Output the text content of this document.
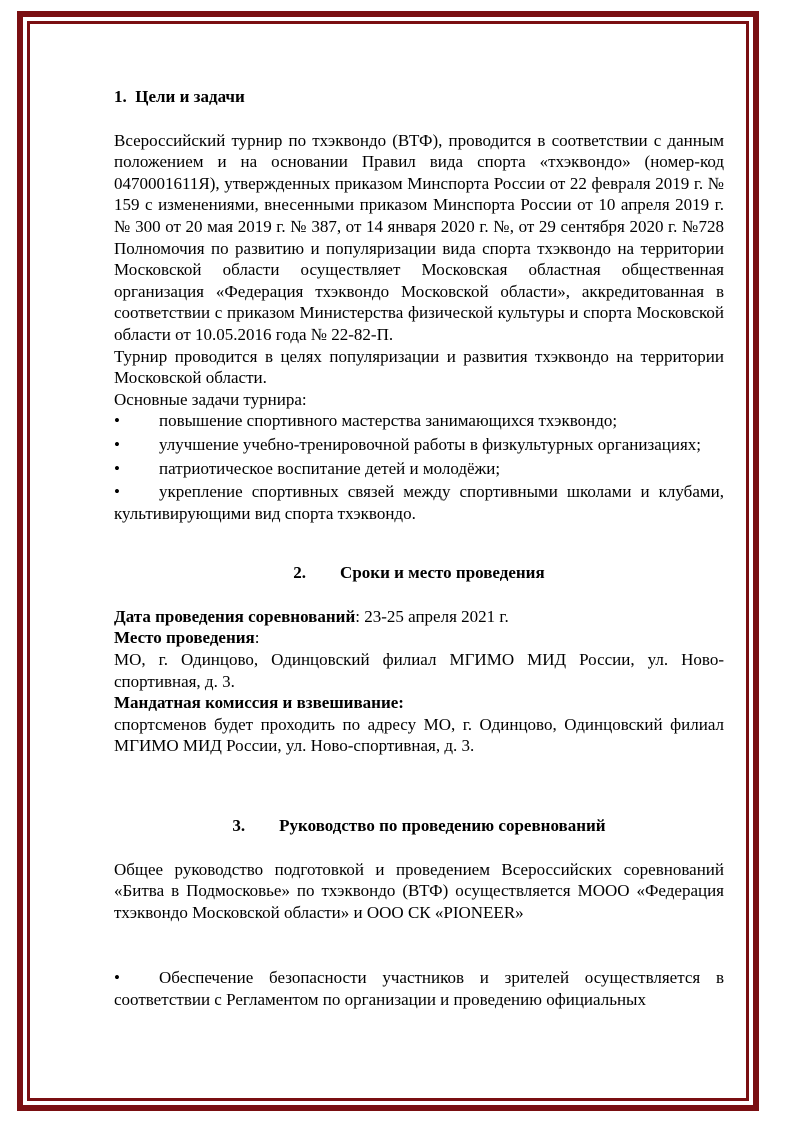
1. Цели и задачи

Всероссийский турнир по тхэквондо (ВТФ), проводится в соответствии с данным положением и на основании Правил вида спорта «тхэквондо» (номер-код 0470001611Я), утвержденных приказом Минспорта России от 22 февраля 2019 г. № 159 с изменениями, внесенными приказом Минспорта России от 10 апреля 2019 г. № 300 от 20 мая 2019 г. № 387, от 14 января 2020 г. №, от 29 сентября 2020 г. №728 Полномочия по развитию и популяризации вида спорта тхэквондо на территории Московской области осуществляет Московская областная общественная организация «Федерация тхэквондо Московской области», аккредитованная в соответствии с приказом Министерства физической культуры и спорта Московской области от 10.05.2016 года № 22-82-П.

Турнир проводится в целях популяризации и развития тхэквондо на территории Московской области.

Основные задачи турнира:

• повышение спортивного мастерства занимающихся тхэквондо;

• улучшение учебно-тренировочной работы в физкультурных организациях;

• патриотическое воспитание детей и молодёжи;

• укрепление спортивных связей между спортивными школами и клубами, культивирующими вид спорта тхэквондо.

2. Сроки и место проведения

Дата проведения соревнований: 23-25 апреля 2021 г.

Место проведения:

МО, г. Одинцово, Одинцовский филиал МГИМО МИД России, ул. Ново-спортивная, д. 3.

Мандатная комиссия и взвешивание:

спортсменов будет проходить по адресу МО, г. Одинцово, Одинцовский филиал МГИМО МИД России, ул. Ново-спортивная, д. 3.

3. Руководство по проведению соревнований

Общее руководство подготовкой и проведением Всероссийских соревнований «Битва в Подмосковье» по тхэквондо (ВТФ) осуществляется МООО «Федерация тхэквондо Московской области» и ООО СК «PIONEER»

• Обеспечение безопасности участников и зрителей осуществляется в соответствии с Регламентом по организации и проведению официальных
